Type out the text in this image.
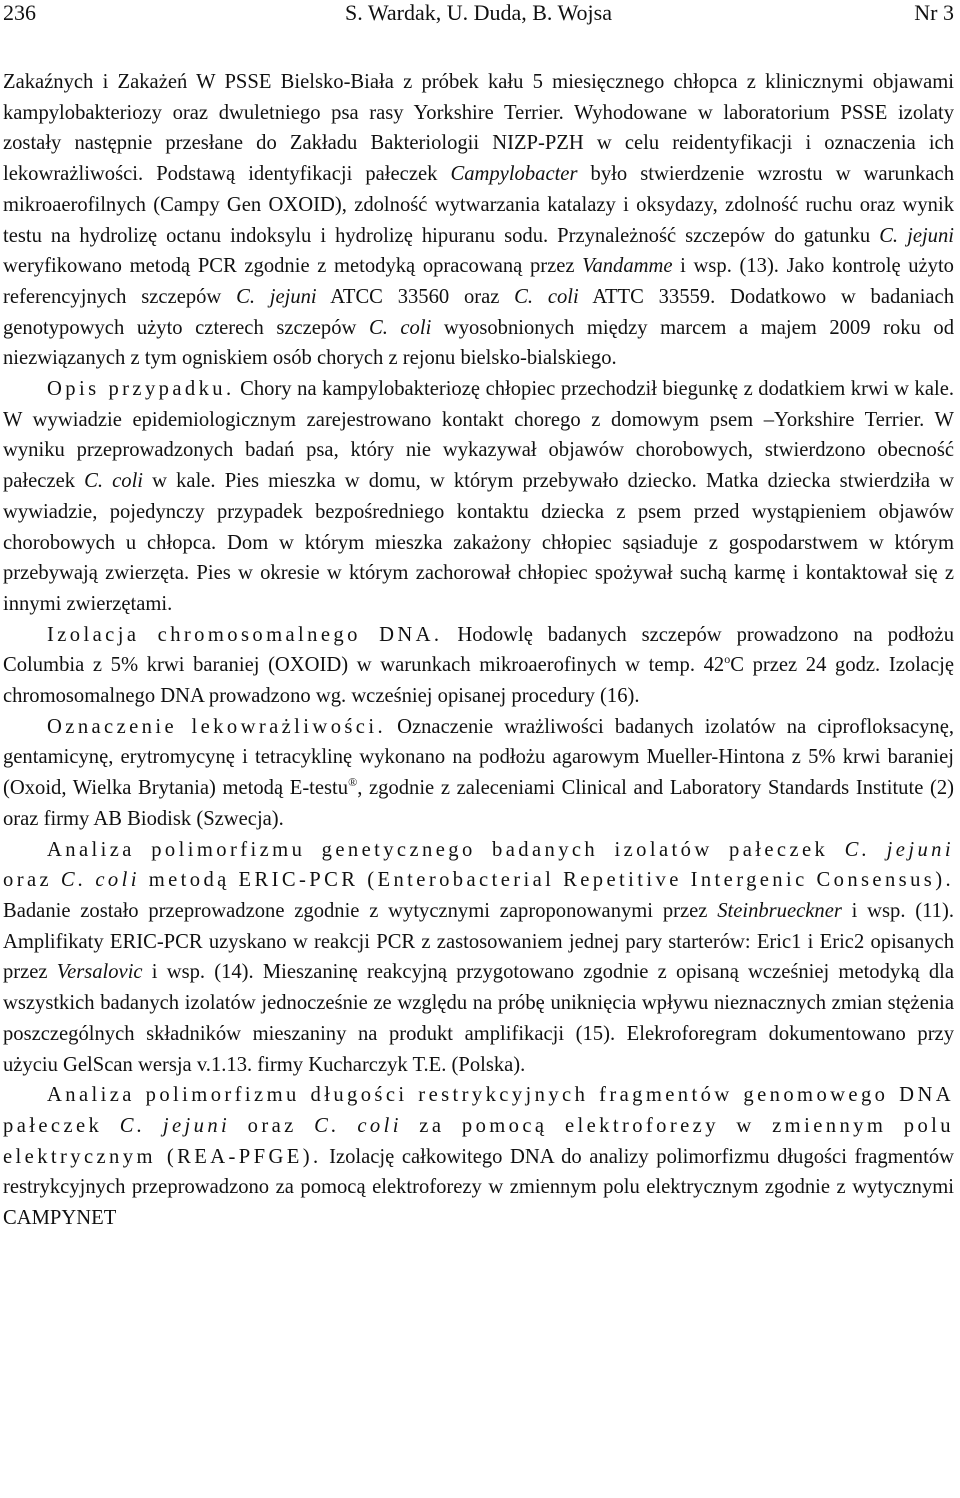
236	S. Wardak, U. Duda, B. Wojsa	Nr 3

Zakaźnych i Zakażeń W PSSE Bielsko-Biała z próbek kału 5 miesięcznego chłopca z klinicznymi objawami kampylobakteriozy oraz dwuletniego psa rasy Yorkshire Terrier. Wyhodowane w laboratorium PSSE izolaty zostały następnie przesłane do Zakładu Bakteriologii NIZP-PZH w celu reidentyfikacji i oznaczenia ich lekowrażliwości. Podstawą identyfikacji pałeczek Campylobacter było stwierdzenie wzrostu w warunkach mikroaerofilnych (Campy Gen OXOID), zdolność wytwarzania katalazy i oksydazy, zdolność ruchu oraz wynik testu na hydrolizę octanu indoksylu i hydrolizę hipuranu sodu. Przynależność szczepów do gatunku C. jejuni weryfikowano metodą PCR zgodnie z metodyką opracowaną przez Vandamme i wsp. (13). Jako kontrolę użyto referencyjnych szczepów C. jejuni ATCC 33560 oraz C. coli ATTC 33559. Dodatkowo w badaniach genotypowych użyto czterech szczepów C. coli wyosobnionych między marcem a majem 2009 roku od niezwiązanych z tym ogniskiem osób chorych z rejonu bielsko-bialskiego.

Opis przypadku. Chory na kampylobakteriozę chłopiec przechodził biegunkę z dodatkiem krwi w kale. W wywiadzie epidemiologicznym zarejestrowano kontakt chorego z domowym psem –Yorkshire Terrier. W wyniku przeprowadzonych badań psa, który nie wykazywał objawów chorobowych, stwierdzono obecność pałeczek C. coli w kale. Pies mieszka w domu, w którym przebywało dziecko. Matka dziecka stwierdziła w wywiadzie, pojedynczy przypadek bezpośredniego kontaktu dziecka z psem przed wystąpieniem objawów chorobowych u chłopca. Dom w którym mieszka zakażony chłopiec sąsiaduje z gospodarstwem w którym przebywają zwierzęta. Pies w okresie w którym zachorował chłopiec spożywał suchą karmę i kontaktował się z innymi zwierzętami.

Izolacja chromosomalnego DNA. Hodowlę badanych szczepów prowadzono na podłożu Columbia z 5% krwi baraniej (OXOID) w warunkach mikroaerofinych w temp. 42$^o$C przez 24 godz. Izolację chromosomalnego DNA prowadzono wg. wcześniej opisanej procedury (16).

Oznaczenie lekowrażliwości. Oznaczenie wrażliwości badanych izolatów na ciprofloksacynę, gentamicynę, erytromycynę i tetracyklinę wykonano na podłożu agarowym Mueller-Hintona z 5% krwi baraniej (Oxoid, Wielka Brytania) metodą E-testu®, zgodnie z zaleceniami Clinical and Laboratory Standards Institute (2) oraz firmy AB Biodisk (Szwecja).

Analiza polimorfizmu genetycznego badanych izolatów pałeczek C. jejuni oraz C. coli metodą ERIC-PCR (Enterobacterial Repetitive Intergenic Consensus). Badanie zostało przeprowadzone zgodnie z wytycznymi zaproponowanymi przez Steinbrueckner i wsp. (11). Amplifikaty ERIC-PCR uzyskano w reakcji PCR z zastosowaniem jednej pary starterów: Eric1 i Eric2 opisanych przez Versalovic i wsp. (14). Mieszaninę reakcyjną przygotowano zgodnie z opisaną wcześniej metodyką dla wszystkich badanych izolatów jednocześnie ze względu na próbę uniknięcia wpływu nieznacznych zmian stężenia poszczególnych składników mieszaniny na produkt amplifikacji (15). Elekroforegram dokumentowano przy użyciu GelScan wersja v.1.13. firmy Kucharczyk T.E. (Polska).

Analiza polimorfizmu długości restrykcyjnych fragmentów genomowego DNA pałeczek C. jejuni oraz C. coli za pomocą elektroforezy w zmiennym polu elektrycznym (REA-PFGE). Izolację całkowitego DNA do analizy polimorfizmu długości fragmentów restrykcyjnych przeprowadzono za pomocą elektroforezy w zmiennym polu elektrycznym zgodnie z wytycznymi CAMPYNET
